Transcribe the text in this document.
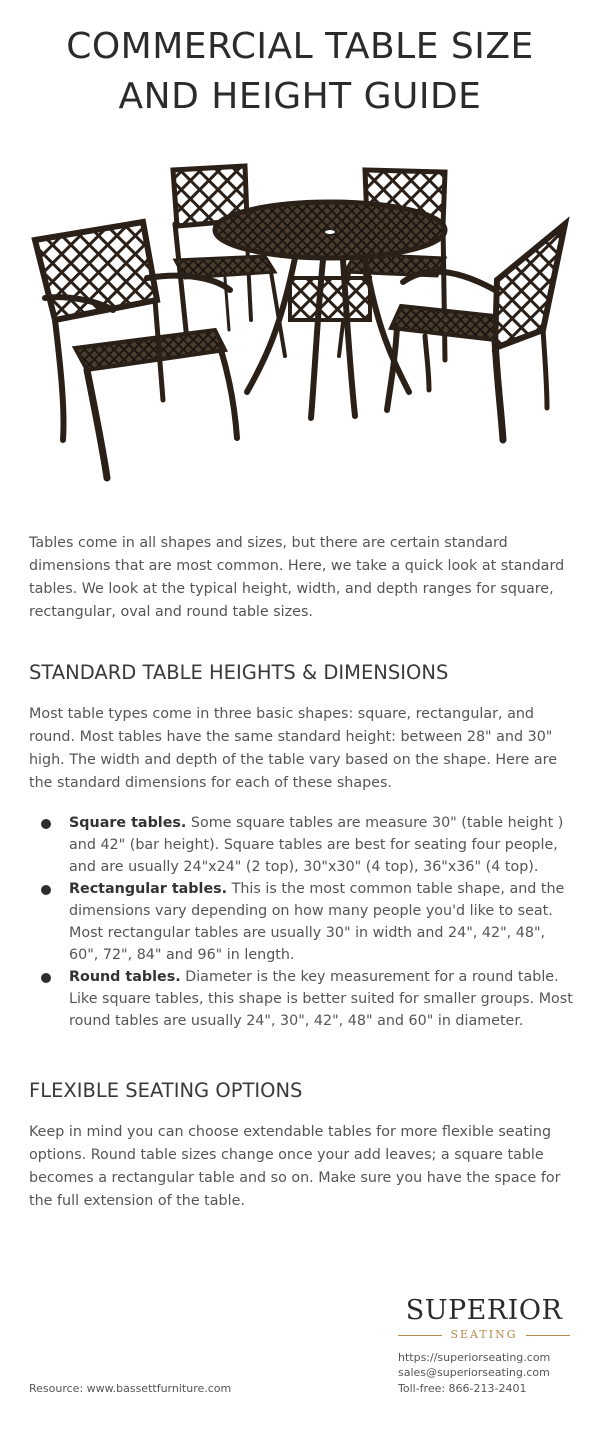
COMMERCIAL TABLE SIZE
AND HEIGHT GUIDE

Tables come in all shapes and sizes, but there are certain standard dimensions that are most common. Here, we take a quick look at standard tables. We look at the typical height, width, and depth ranges for square, rectangular, oval and round table sizes.

STANDARD TABLE HEIGHTS & DIMENSIONS

Most table types come in three basic shapes: square, rectangular, and round. Most tables have the same standard height: between 28" and 30" high. The width and depth of the table vary based on the shape. Here are the standard dimensions for each of these shapes.

Square tables. Some square tables are measure 30" (table height ) and 42" (bar height). Square tables are best for seating four people, and are usually 24"x24" (2 top), 30"x30" (4 top), 36"x36" (4 top).

Rectangular tables. This is the most common table shape, and the dimensions vary depending on how many people you'd like to seat. Most rectangular tables are usually 30" in width and 24", 42", 48", 60", 72", 84" and 96" in length.

Round tables. Diameter is the key measurement for a round table. Like square tables, this shape is better suited for smaller groups. Most round tables are usually 24", 30", 42", 48" and 60" in diameter.

FLEXIBLE SEATING OPTIONS

Keep in mind you can choose extendable tables for more flexible seating options. Round table sizes change once your add leaves; a square table becomes a rectangular table and so on. Make sure you have the space for the full extension of the table.

SUPERIOR
SEATING
https://superiorseating.com
sales@superiorseating.com
Toll-free: 866-213-2401
Resource: www.bassettfurniture.com
